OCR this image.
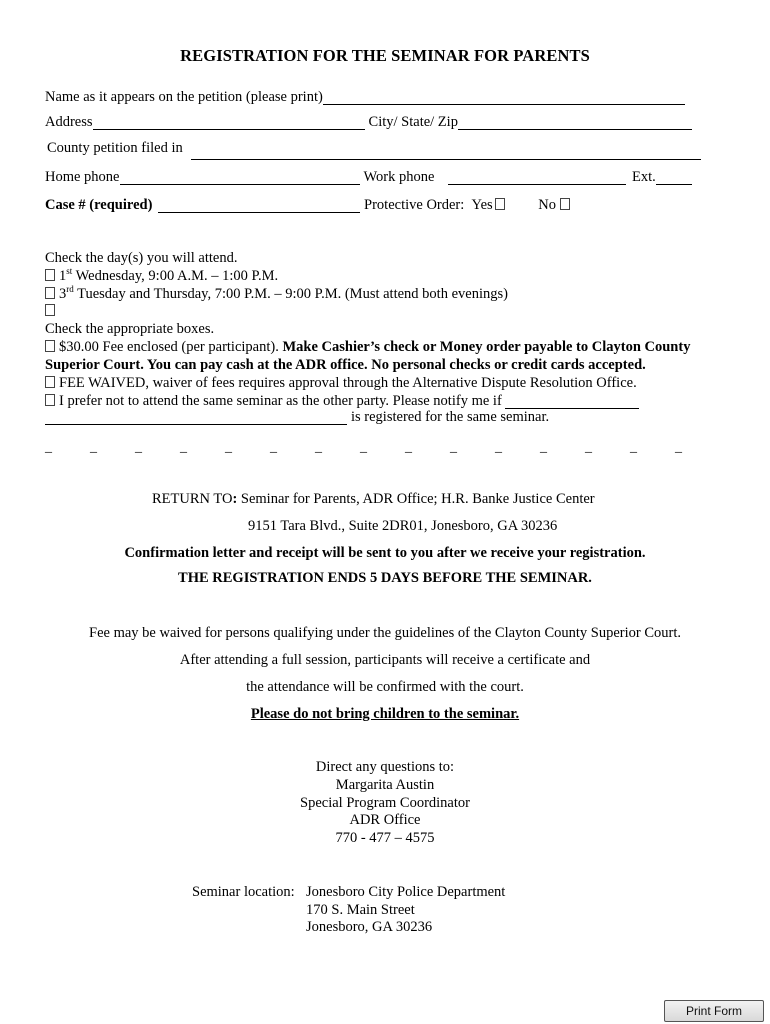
REGISTRATION FOR THE SEMINAR FOR PARENTS
Name as it appears on the petition (please print)
Address	City/ State/ Zip
County petition filed in
Home phone	Work phone	Ext.
Case # (required)	Protective Order: Yes	No
Check the day(s) you will attend.
1st Wednesday, 9:00 A.M. – 1:00 P.M.
3rd Tuesday and Thursday, 7:00 P.M. – 9:00 P.M. (Must attend both evenings)
Check the appropriate boxes.
$30.00 Fee enclosed (per participant). Make Cashier’s check or Money order payable to Clayton County
Superior Court. You can pay cash at the ADR office. No personal checks or credit cards accepted.
FEE WAIVED, waiver of fees requires approval through the Alternative Dispute Resolution Office.
I prefer not to attend the same seminar as the other party. Please notify me if
is registered for the same seminar.
_	_	_	_	_	_	_	_	_	_	_	_	_	_	_
RETURN TO: Seminar for Parents, ADR Office; H.R. Banke Justice Center
9151 Tara Blvd., Suite 2DR01, Jonesboro, GA 30236
Confirmation letter and receipt will be sent to you after we receive your registration.
THE REGISTRATION ENDS 5 DAYS BEFORE THE SEMINAR.
Fee may be waived for persons qualifying under the guidelines of the Clayton County Superior Court.
After attending a full session, participants will receive a certificate and
the attendance will be confirmed with the court.
Please do not bring children to the seminar.
Direct any questions to:
Margarita Austin
Special Program Coordinator
ADR Office
770 - 477 – 4575
Seminar location: Jonesboro City Police Department
170 S. Main Street
Jonesboro, GA 30236
Print Form
